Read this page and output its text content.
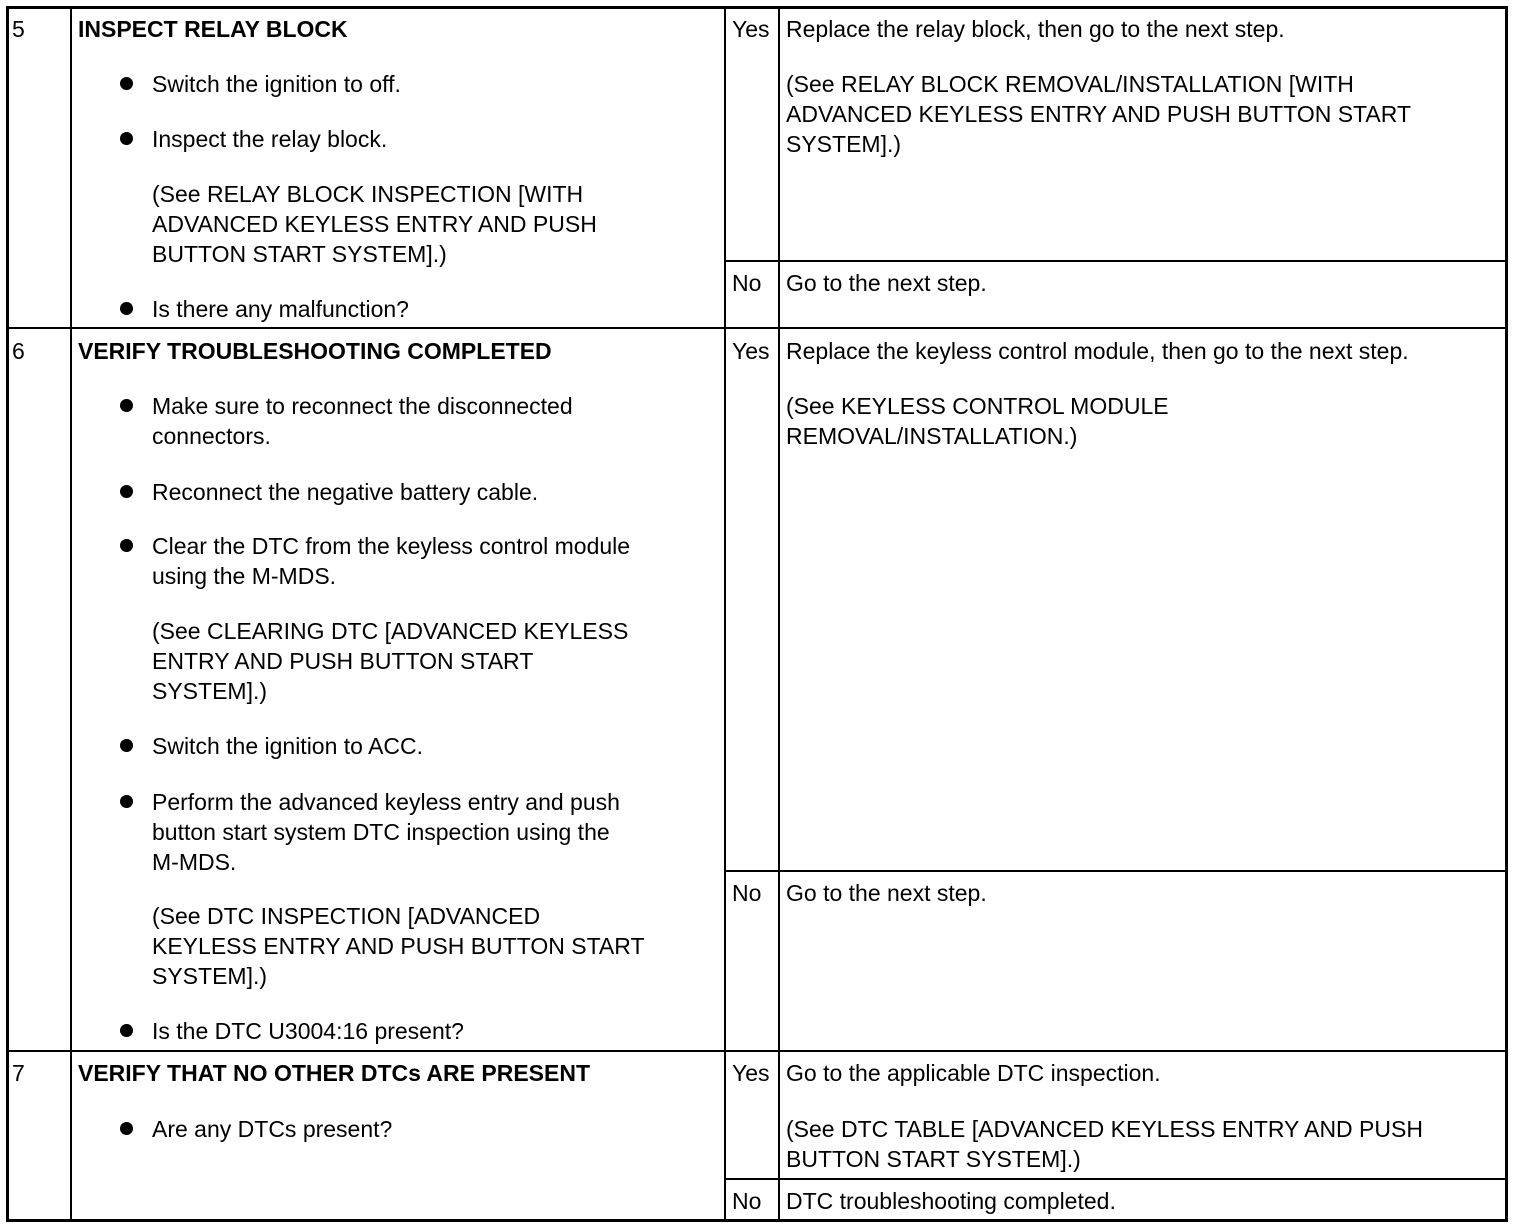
5 INSPECT RELAY BLOCK
Switch the ignition to off.
Inspect the relay block.
(See RELAY BLOCK INSPECTION [WITH
ADVANCED KEYLESS ENTRY AND PUSH
BUTTON START SYSTEM].)
Is there any malfunction?
Yes Replace the relay block, then go to the next step.
(See RELAY BLOCK REMOVAL/INSTALLATION [WITH
ADVANCED KEYLESS ENTRY AND PUSH BUTTON START
SYSTEM].)
No Go to the next step.
6 VERIFY TROUBLESHOOTING COMPLETED
Make sure to reconnect the disconnected
connectors.
Reconnect the negative battery cable.
Clear the DTC from the keyless control module
using the M-MDS.
(See CLEARING DTC [ADVANCED KEYLESS
ENTRY AND PUSH BUTTON START
SYSTEM].)
Switch the ignition to ACC.
Perform the advanced keyless entry and push
button start system DTC inspection using the
M-MDS.
(See DTC INSPECTION [ADVANCED
KEYLESS ENTRY AND PUSH BUTTON START
SYSTEM].)
Is the DTC U3004:16 present?
Yes Replace the keyless control module, then go to the next step.
(See KEYLESS CONTROL MODULE
REMOVAL/INSTALLATION.)
No Go to the next step.
7 VERIFY THAT NO OTHER DTCs ARE PRESENT
Are any DTCs present?
Yes Go to the applicable DTC inspection.
(See DTC TABLE [ADVANCED KEYLESS ENTRY AND PUSH
BUTTON START SYSTEM].)
No DTC troubleshooting completed.
